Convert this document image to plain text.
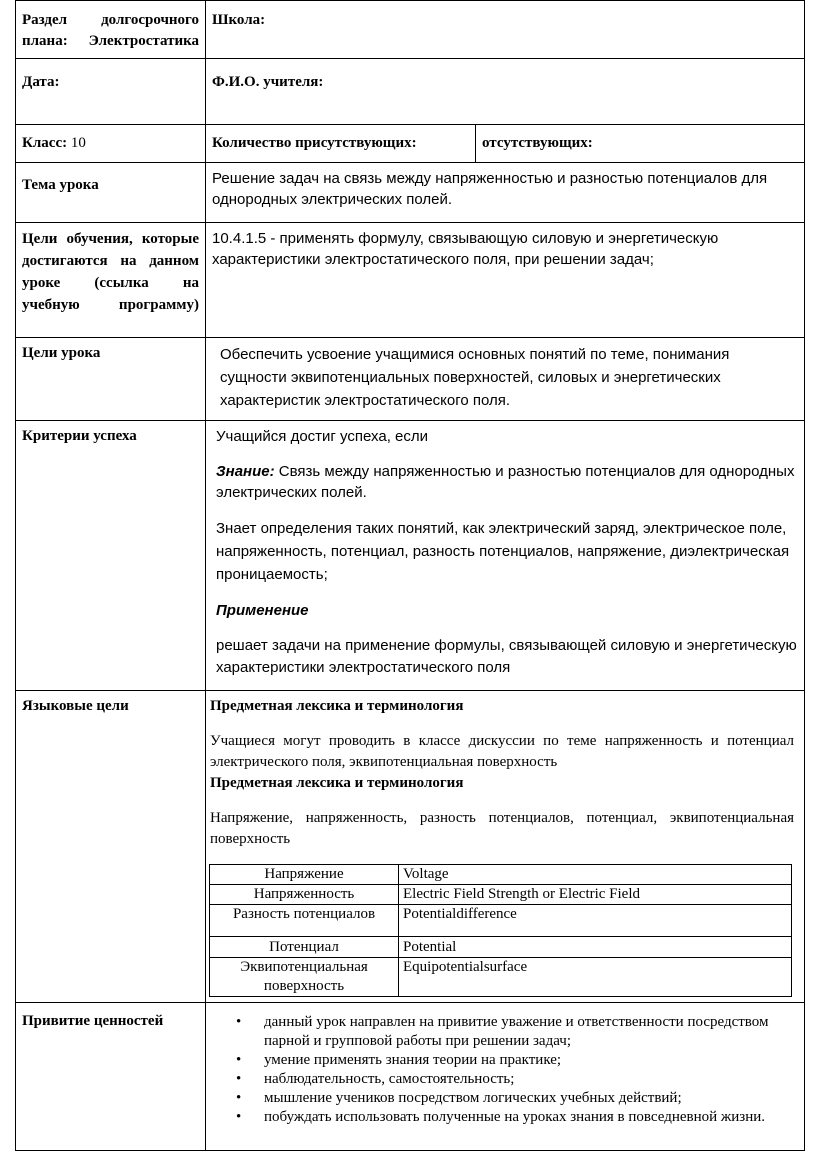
Раздел долгосрочного плана: Электростатика	Школа:
Дата:	Ф.И.О. учителя:
Класс: 10	Количество присутствующих:	отсутствующих:
Тема урока	Решение задач на связь между напряженностью и разностью потенциалов для однородных электрических полей.
Цели обучения, которые достигаются на данном уроке (ссылка на учебную программу)	10.4.1.5 - применять формулу, связывающую силовую и энергетическую характеристики электростатического поля, при решении задач;
Цели урока	Обеспечить усвоение учащимися основных понятий по теме, понимания сущности эквипотенциальных поверхностей, силовых и энергетических характеристик электростатического поля.
Критерии успеха	Учащийся достиг успеха, если

Знание: Связь между напряженностью и разностью потенциалов для однородных электрических полей.

Знает определения таких понятий, как электрический заряд, электрическое поле, напряженность, потенциал, разность потенциалов, напряжение, диэлектрическая проницаемость;

Применение

решает задачи на применение формулы, связывающей силовую и энергетическую характеристики электростатического поля

Языковые цели	Предметная лексика и терминология

Учащиеся могут проводить в классе дискуссии по теме напряженность и потенциал электрического поля, эквипотенциальная поверхность

Предметная лексика и терминология

Напряжение, напряженность, разность потенциалов, потенциал, эквипотенциальная поверхность

Напряжение	Voltage
Напряженность	Electric Field Strength or Electric Field
Разность потенциалов	Potentialdifference
Потенциал	Potential
Эквипотенциальная поверхность	Equipotentialsurface

Привитие ценностей	• данный урок направлен на привитие уважение и ответственности посредством парной и групповой работы при решении задач;
• умение применять знания теории на практике;
• наблюдательность, самостоятельность;
• мышление учеников посредством логических учебных действий;
• побуждать использовать полученные на уроках знания в повседневной жизни.
